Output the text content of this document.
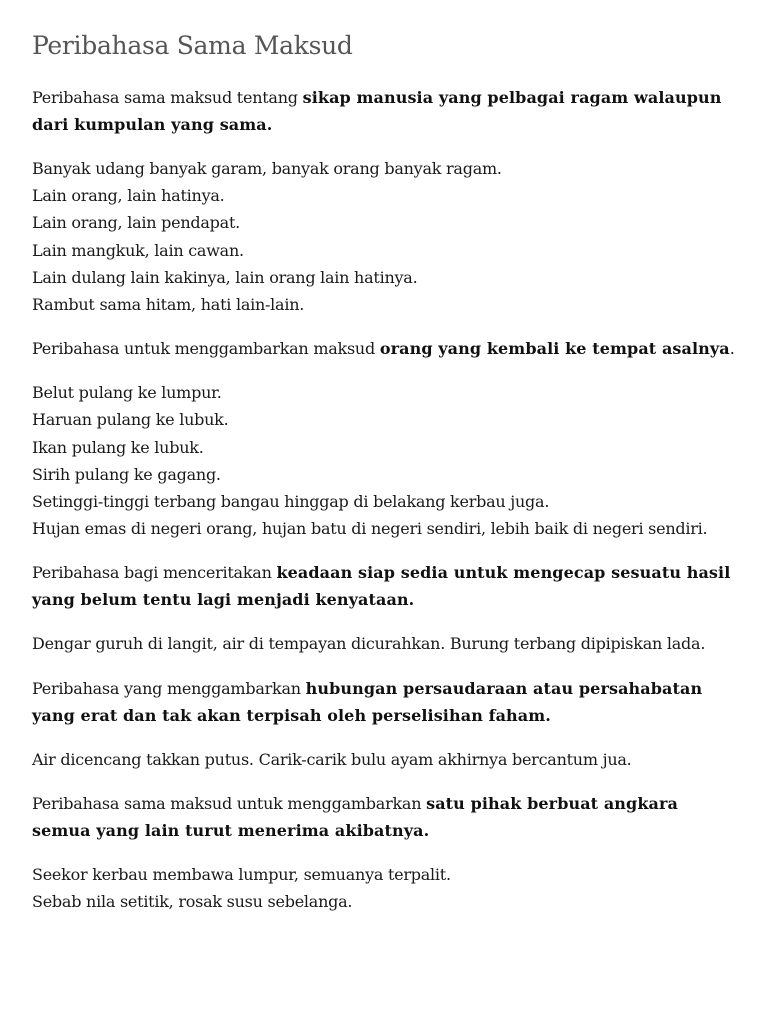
Peribahasa Sama Maksud

Peribahasa sama maksud tentang sikap manusia yang pelbagai ragam walaupun dari kumpulan yang sama.

Banyak udang banyak garam, banyak orang banyak ragam.
Lain orang, lain hatinya.
Lain orang, lain pendapat.
Lain mangkuk, lain cawan.
Lain dulang lain kakinya, lain orang lain hatinya.
Rambut sama hitam, hati lain-lain.

Peribahasa untuk menggambarkan maksud orang yang kembali ke tempat asalnya.

Belut pulang ke lumpur.
Haruan pulang ke lubuk.
Ikan pulang ke lubuk.
Sirih pulang ke gagang.
Setinggi-tinggi terbang bangau hinggap di belakang kerbau juga.
Hujan emas di negeri orang, hujan batu di negeri sendiri, lebih baik di negeri sendiri.

Peribahasa bagi menceritakan keadaan siap sedia untuk mengecap sesuatu hasil yang belum tentu lagi menjadi kenyataan.

Dengar guruh di langit, air di tempayan dicurahkan. Burung terbang dipipiskan lada.

Peribahasa yang menggambarkan hubungan persaudaraan atau persahabatan yang erat dan tak akan terpisah oleh perselisihan faham.

Air dicencang takkan putus. Carik-carik bulu ayam akhirnya bercantum jua.

Peribahasa sama maksud untuk menggambarkan satu pihak berbuat angkara semua yang lain turut menerima akibatnya.

Seekor kerbau membawa lumpur, semuanya terpalit.
Sebab nila setitik, rosak susu sebelanga.
